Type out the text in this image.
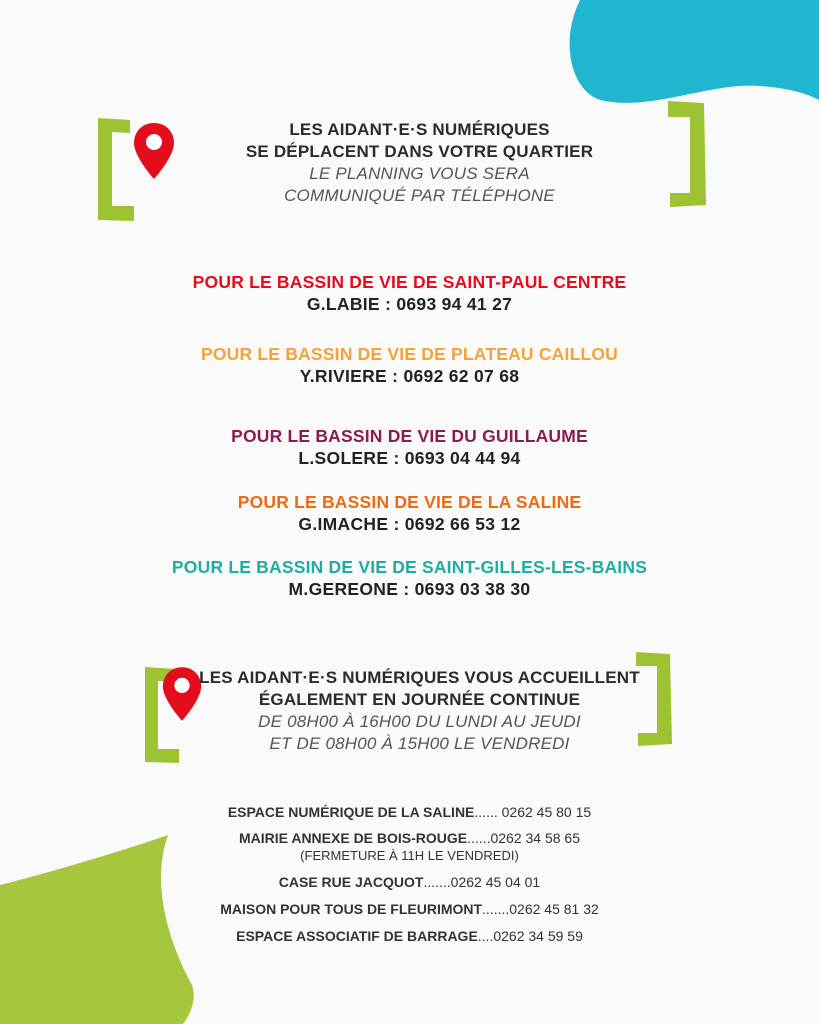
LES AIDANT·E·S NUMÉRIQUES
SE DÉPLACENT DANS VOTRE QUARTIER
LE PLANNING VOUS SERA
COMMUNIQUÉ PAR TÉLÉPHONE
POUR LE BASSIN DE VIE DE SAINT-PAUL CENTRE
G.LABIE : 0693 94 41 27
POUR LE BASSIN DE VIE DE PLATEAU CAILLOU
Y.RIVIERE : 0692 62 07 68
POUR LE BASSIN DE VIE DU GUILLAUME
L.SOLERE : 0693 04 44 94
POUR LE BASSIN DE VIE DE LA SALINE
G.IMACHE : 0692 66 53 12
POUR LE BASSIN DE VIE DE SAINT-GILLES-LES-BAINS
M.GEREONE : 0693 03 38 30
LES AIDANT·E·S NUMÉRIQUES VOUS ACCUEILLENT
ÉGALEMENT EN JOURNÉE CONTINUE
DE 08H00 À 16H00 DU LUNDI AU JEUDI
ET DE 08H00 À 15H00 LE VENDREDI
ESPACE NUMÉRIQUE DE LA SALINE...... 0262 45 80 15
MAIRIE ANNEXE DE BOIS-ROUGE......0262 34 58 65
(FERMETURE À 11H LE VENDREDI)
CASE RUE JACQUOT.......0262 45 04 01
MAISON POUR TOUS DE FLEURIMONT.......0262 45 81 32
ESPACE ASSOCIATIF DE BARRAGE....0262 34 59 59
